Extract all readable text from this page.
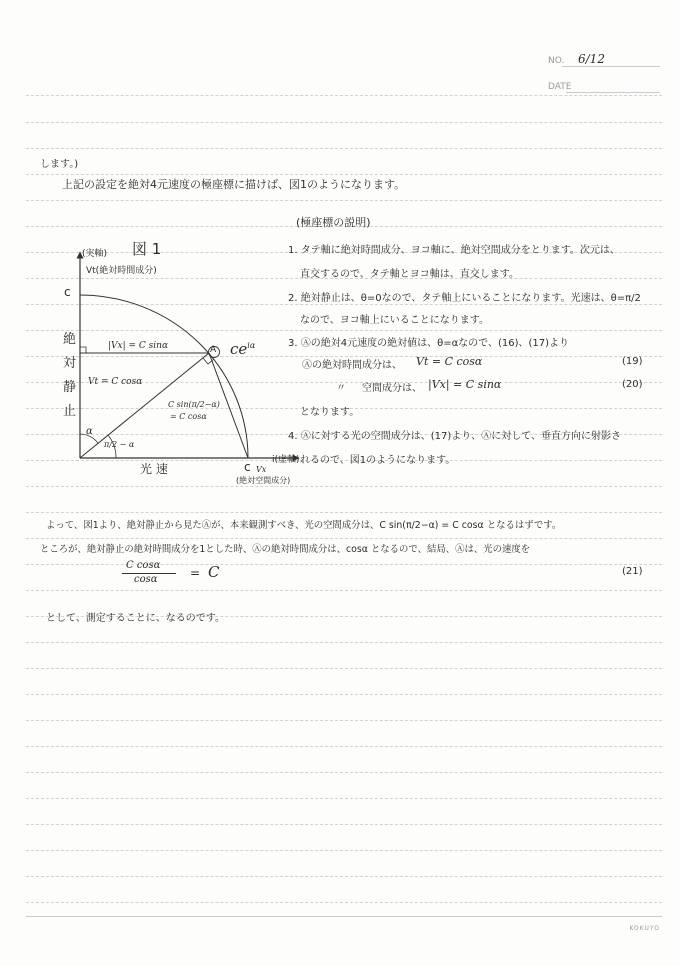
NO. 6/12
DATE
します。)
上記の設定を絶対4元速度の極座標に描けば、図1のようになります。
図 1
(実軸)
Vt(絶対時間成分)
c
絶
対
静
止
|Vx| = C sinα
Vt = C cosα
A $ce^{i\alpha}$
C sin(π/2−α)
= C cosα
α
π/2 − α
光 速	c Vx
i(虚軸)
(絶対空間成分)
(極座標の説明)
1. タテ軸に絶対時間成分、ヨコ軸に、絶対空間成分をとります。次元は、
直交するので、タテ軸とヨコ軸は、直交します。
2. 絶対静止は、θ=0なので、タテ軸上にいることになります。光速は、θ=π/2
なので、ヨコ軸上にいることになります。
3. Ⓐの絶対4元速度の絶対値は、θ=αなので、(16)、(17)より
Ⓐの絶対時間成分は、 Vt = C cosα	(19)
〃 空間成分は、 |Vx| = C sinα	(20)
となります。
4. Ⓐに対する光の空間成分は、(17)より、Ⓐに対して、垂直方向に射影さ
れるので、図1のようになります。
よって、図1より、絶対静止から見たⒶが、本来観測すべき、光の空間成分は、C sin(π/2−α) = C cosα となるはずです。
ところが、絶対静止の絶対時間成分を1とした時、Ⓐの絶対時間成分は、cosα となるので、結局、Ⓐは、光の速度を
C cosα
cosα	= C	(21)
として、測定することに、なるのです。
KOKUYO
